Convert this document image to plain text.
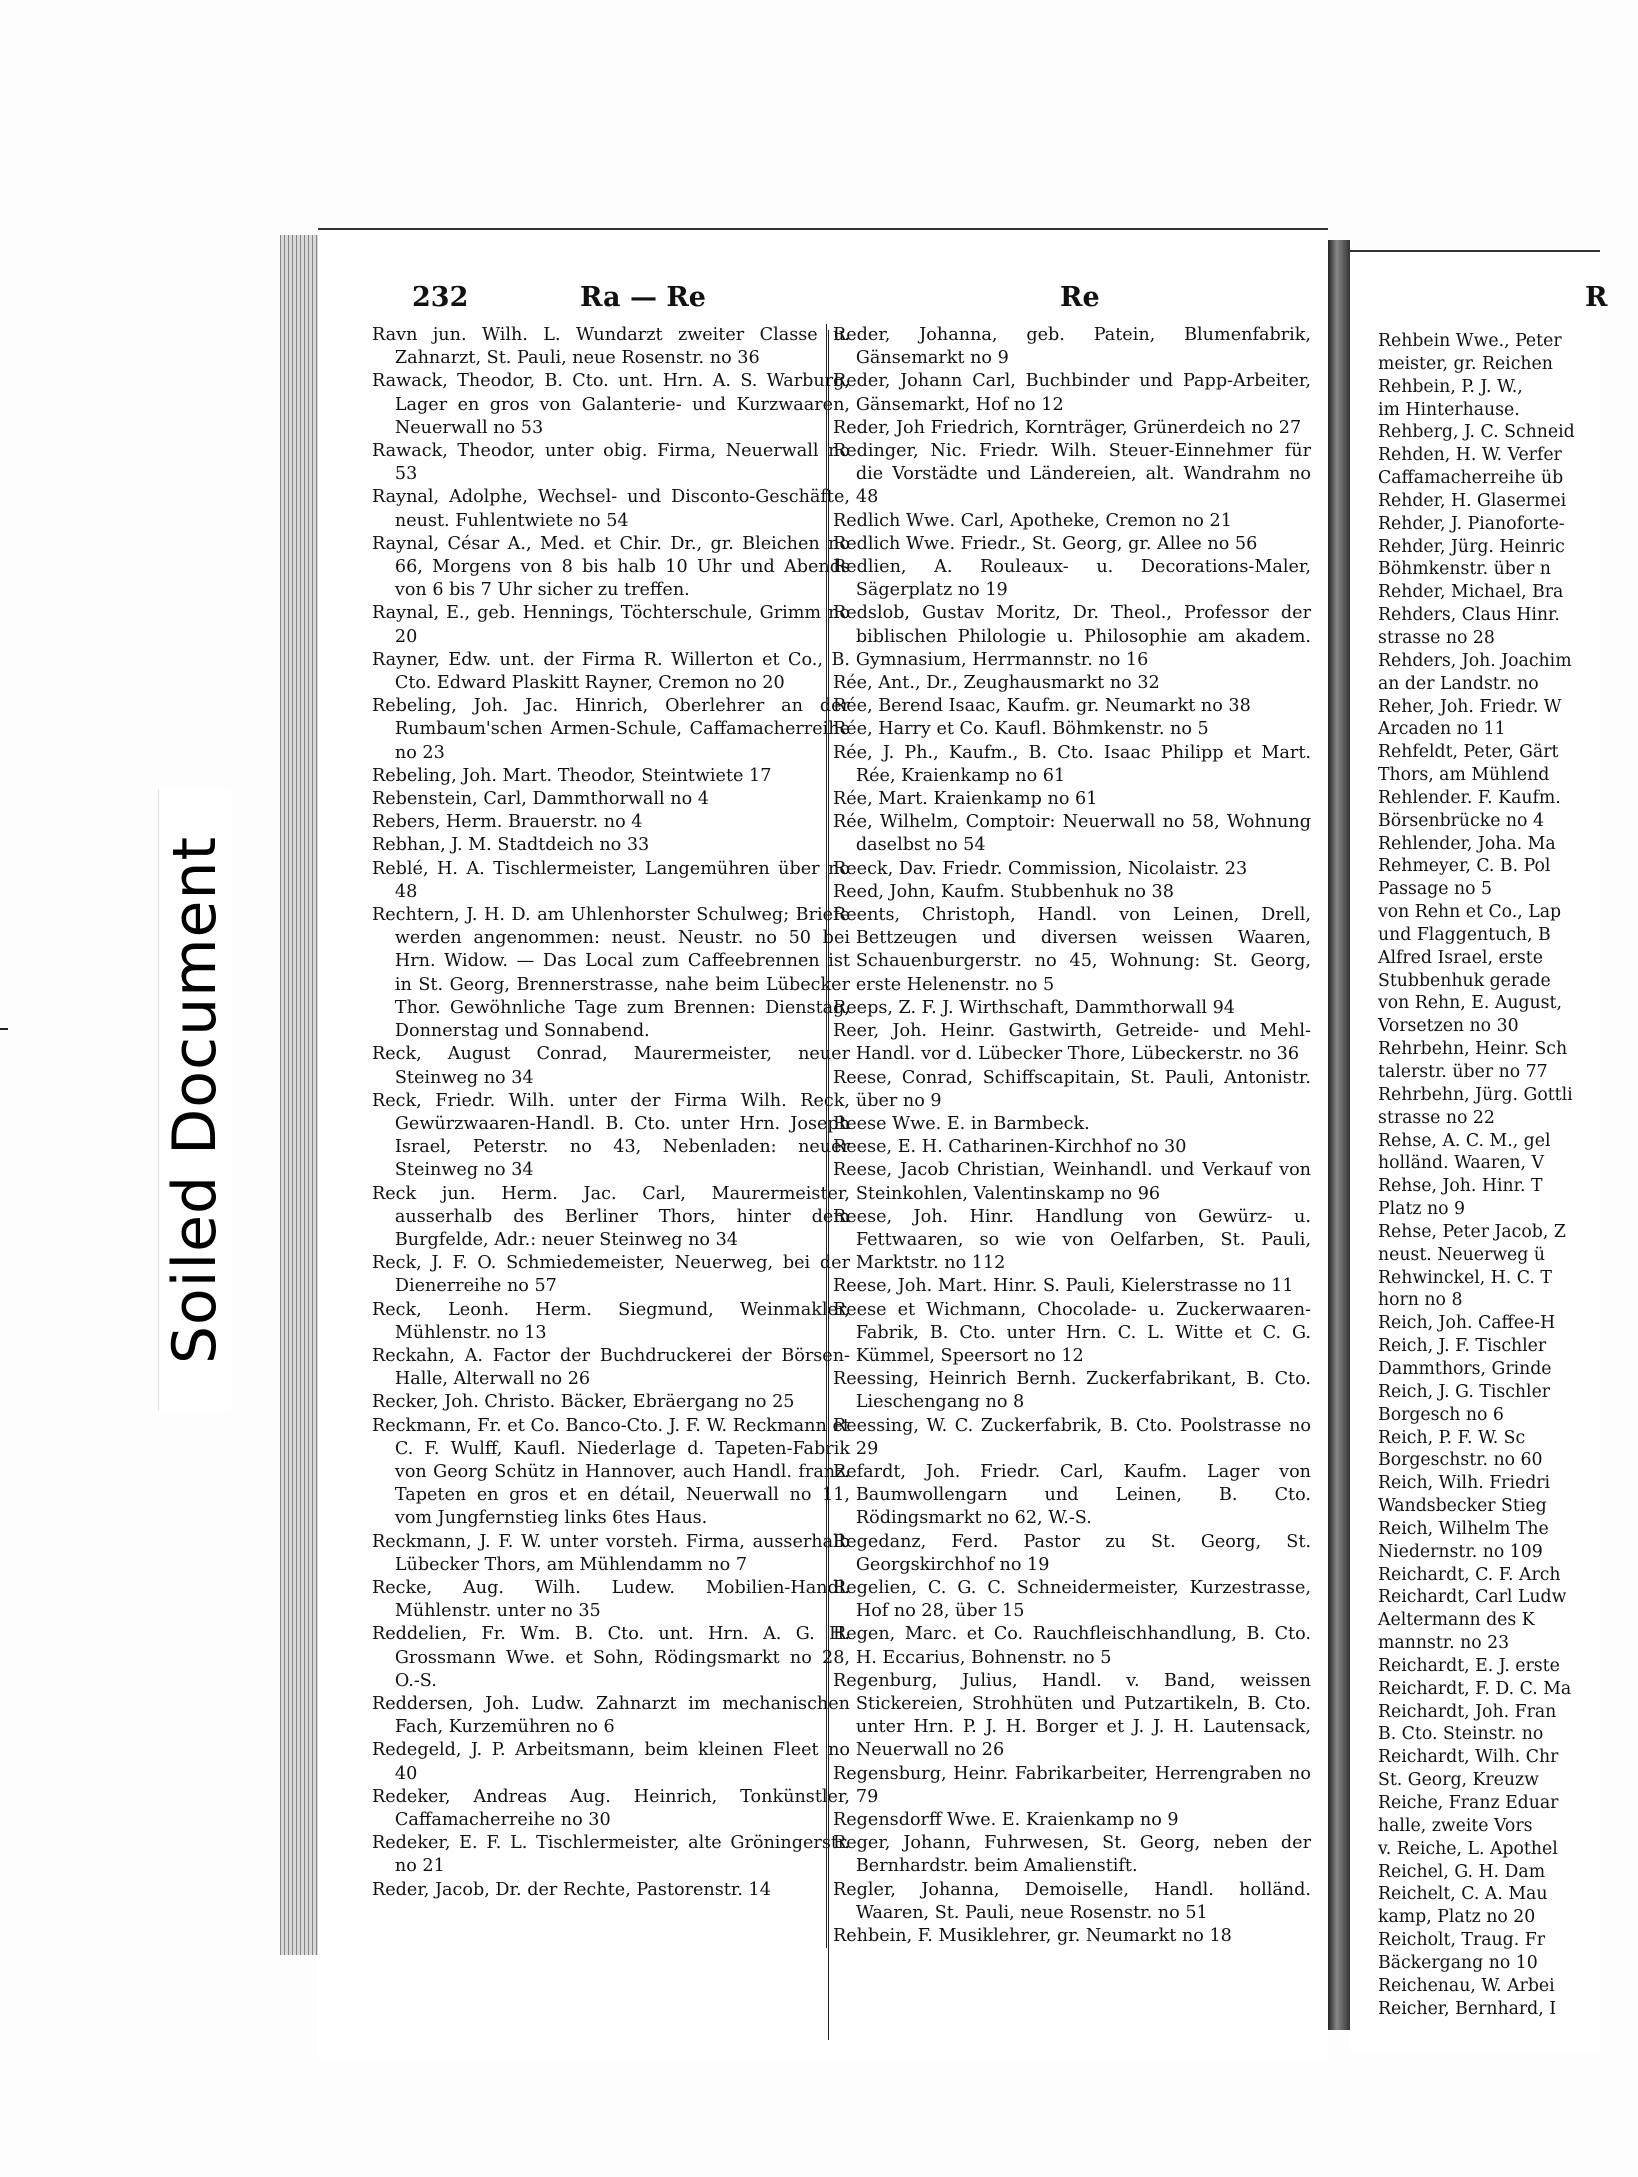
Soiled Document
232	Ra — Re	Re	R

Ravn jun. Wilh. L. Wundarzt zweiter Classe u. Zahnarzt, St. Pauli, neue Rosenstr. no 36

Rawack, Theodor, B. Cto. unt. Hrn. A. S. Warburg, Lager en gros von Galanterie- und Kurzwaaren, Neuerwall no 53

Rawack, Theodor, unter obig. Firma, Neuerwall no 53

Raynal, Adolphe, Wechsel- und Disconto-Geschäfte, neust. Fuhlentwiete no 54

Raynal, César A., Med. et Chir. Dr., gr. Bleichen no 66, Morgens von 8 bis halb 10 Uhr und Abends von 6 bis 7 Uhr sicher zu treffen.

Raynal, E., geb. Hennings, Töchterschule, Grimm no 20

Rayner, Edw. unt. der Firma R. Willerton et Co., B. Cto. Edward Plaskitt Rayner, Cremon no 20

Rebeling, Joh. Jac. Hinrich, Oberlehrer an der Rumbaum'schen Armen-Schule, Caffamacherreihe no 23

Rebeling, Joh. Mart. Theodor, Steintwiete 17

Rebenstein, Carl, Dammthorwall no 4

Rebers, Herm. Brauerstr. no 4

Rebhan, J. M. Stadtdeich no 33

Reblé, H. A. Tischlermeister, Langemühren über no 48

Rechtern, J. H. D. am Uhlenhorster Schulweg; Briefe werden angenommen: neust. Neustr. no 50 bei Hrn. Widow. — Das Local zum Caffeebrennen ist in St. Georg, Brennerstrasse, nahe beim Lübecker Thor. Gewöhnliche Tage zum Brennen: Dienstag, Donnerstag und Sonnabend.

Reck, August Conrad, Maurermeister, neuer Steinweg no 34

Reck, Friedr. Wilh. unter der Firma Wilh. Reck, Gewürzwaaren-Handl. B. Cto. unter Hrn. Joseph Israel, Peterstr. no 43, Nebenladen: neuer Steinweg no 34

Reck jun. Herm. Jac. Carl, Maurermeister, ausserhalb des Berliner Thors, hinter dem Burgfelde, Adr.: neuer Steinweg no 34

Reck, J. F. O. Schmiedemeister, Neuerweg, bei der Dienerreihe no 57

Reck, Leonh. Herm. Siegmund, Weinmakler, Mühlenstr. no 13

Reckahn, A. Factor der Buchdruckerei der Börsen-Halle, Alterwall no 26

Recker, Joh. Christo. Bäcker, Ebräergang no 25

Reckmann, Fr. et Co. Banco-Cto. J. F. W. Reckmann et C. F. Wulff, Kaufl. Niederlage d. Tapeten-Fabrik von Georg Schütz in Hannover, auch Handl. franz. Tapeten en gros et en détail, Neuerwall no 11, vom Jungfernstieg links 6tes Haus.

Reckmann, J. F. W. unter vorsteh. Firma, ausserhalb Lübecker Thors, am Mühlendamm no 7

Recke, Aug. Wilh. Ludew. Mobilien-Handl. Mühlenstr. unter no 35

Reddelien, Fr. Wm. B. Cto. unt. Hrn. A. G. H. Grossmann Wwe. et Sohn, Rödingsmarkt no 28, O.-S.

Reddersen, Joh. Ludw. Zahnarzt im mechanischen Fach, Kurzemühren no 6

Redegeld, J. P. Arbeitsmann, beim kleinen Fleet no 40

Redeker, Andreas Aug. Heinrich, Tonkünstler, Caffamacherreihe no 30

Redeker, E. F. L. Tischlermeister, alte Gröningerstr. no 21

Reder, Jacob, Dr. der Rechte, Pastorenstr. 14

Reder, Johanna, geb. Patein, Blumenfabrik, Gänsemarkt no 9

Reder, Johann Carl, Buchbinder und Papp-Arbeiter, Gänsemarkt, Hof no 12

Reder, Joh Friedrich, Kornträger, Grünerdeich no 27

Redinger, Nic. Friedr. Wilh. Steuer-Einnehmer für die Vorstädte und Ländereien, alt. Wandrahm no 48

Redlich Wwe. Carl, Apotheke, Cremon no 21

Redlich Wwe. Friedr., St. Georg, gr. Allee no 56

Redlien, A. Rouleaux- u. Decorations-Maler, Sägerplatz no 19

Redslob, Gustav Moritz, Dr. Theol., Professor der biblischen Philologie u. Philosophie am akadem. Gymnasium, Herrmannstr. no 16

Rée, Ant., Dr., Zeughausmarkt no 32

Rée, Berend Isaac, Kaufm. gr. Neumarkt no 38

Rée, Harry et Co. Kaufl. Böhmkenstr. no 5

Rée, J. Ph., Kaufm., B. Cto. Isaac Philipp et Mart. Rée, Kraienkamp no 61

Rée, Mart. Kraienkamp no 61

Rée, Wilhelm, Comptoir: Neuerwall no 58, Wohnung daselbst no 54

Reeck, Dav. Friedr. Commission, Nicolaistr. 23

Reed, John, Kaufm. Stubbenhuk no 38

Reents, Christoph, Handl. von Leinen, Drell, Bettzeugen und diversen weissen Waaren, Schauenburgerstr. no 45, Wohnung: St. Georg, erste Helenenstr. no 5

Reeps, Z. F. J. Wirthschaft, Dammthorwall 94

Reer, Joh. Heinr. Gastwirth, Getreide- und Mehl-Handl. vor d. Lübecker Thore, Lübeckerstr. no 36

Reese, Conrad, Schiffscapitain, St. Pauli, Antonistr. über no 9

Reese Wwe. E. in Barmbeck.

Reese, E. H. Catharinen-Kirchhof no 30

Reese, Jacob Christian, Weinhandl. und Verkauf von Steinkohlen, Valentinskamp no 96

Reese, Joh. Hinr. Handlung von Gewürz- u. Fettwaaren, so wie von Oelfarben, St. Pauli, Marktstr. no 112

Reese, Joh. Mart. Hinr. S. Pauli, Kielerstrasse no 11

Reese et Wichmann, Chocolade- u. Zuckerwaaren-Fabrik, B. Cto. unter Hrn. C. L. Witte et C. G. Kümmel, Speersort no 12

Reessing, Heinrich Bernh. Zuckerfabrikant, B. Cto. Lieschengang no 8

Reessing, W. C. Zuckerfabrik, B. Cto. Poolstrasse no 29

Refardt, Joh. Friedr. Carl, Kaufm. Lager von Baumwollengarn und Leinen, B. Cto. Rödingsmarkt no 62, W.-S.

Regedanz, Ferd. Pastor zu St. Georg, St. Georgskirchhof no 19

Regelien, C. G. C. Schneidermeister, Kurzestrasse, Hof no 28, über 15

Regen, Marc. et Co. Rauchfleischhandlung, B. Cto. H. Eccarius, Bohnenstr. no 5

Regenburg, Julius, Handl. v. Band, weissen Stickereien, Strohhüten und Putzartikeln, B. Cto. unter Hrn. P. J. H. Borger et J. J. H. Lautensack, Neuerwall no 26

Regensburg, Heinr. Fabrikarbeiter, Herrengraben no 79

Regensdorff Wwe. E. Kraienkamp no 9

Reger, Johann, Fuhrwesen, St. Georg, neben der Bernhardstr. beim Amalienstift.

Regler, Johanna, Demoiselle, Handl. holländ. Waaren, St. Pauli, neue Rosenstr. no 51

Rehbein, F. Musiklehrer, gr. Neumarkt no 18

Rehbein Wwe., Peter

meister, gr. Reichen

Rehbein, P. J. W.,

im Hinterhause.

Rehberg, J. C. Schneid

Rehden, H. W. Verfer

Caffamacherreihe üb

Rehder, H. Glasermei

Rehder, J. Pianoforte-

Rehder, Jürg. Heinric

Böhmkenstr. über n

Rehder, Michael, Bra

Rehders, Claus Hinr.

strasse no 28

Rehders, Joh. Joachim

an der Landstr. no

Reher, Joh. Friedr. W

Arcaden no 11

Rehfeldt, Peter, Gärt

Thors, am Mühlend

Rehlender. F. Kaufm.

Börsenbrücke no 4

Rehlender, Joha. Ma

Rehmeyer, C. B. Pol

Passage no 5

von Rehn et Co., Lap

und Flaggentuch, B

Alfred Israel, erste

Stubbenhuk gerade

von Rehn, E. August,

Vorsetzen no 30

Rehrbehn, Heinr. Sch

talerstr. über no 77

Rehrbehn, Jürg. Gottli

strasse no 22

Rehse, A. C. M., gel

holländ. Waaren, V

Rehse, Joh. Hinr. T

Platz no 9

Rehse, Peter Jacob, Z

neust. Neuerweg ü

Rehwinckel, H. C. T

horn no 8

Reich, Joh. Caffee-H

Reich, J. F. Tischler

Dammthors, Grinde

Reich, J. G. Tischler

Borgesch no 6

Reich, P. F. W. Sc

Borgeschstr. no 60

Reich, Wilh. Friedri

Wandsbecker Stieg

Reich, Wilhelm The

Niedernstr. no 109

Reichardt, C. F. Arch

Reichardt, Carl Ludw

Aeltermann des K

mannstr. no 23

Reichardt, E. J. erste

Reichardt, F. D. C. Ma

Reichardt, Joh. Fran

B. Cto. Steinstr. no

Reichardt, Wilh. Chr

St. Georg, Kreuzw

Reiche, Franz Eduar

halle, zweite Vors

v. Reiche, L. Apothel

Reichel, G. H. Dam

Reichelt, C. A. Mau

kamp, Platz no 20

Reicholt, Traug. Fr

Bäckergang no 10

Reichenau, W. Arbei

Reicher, Bernhard, I
